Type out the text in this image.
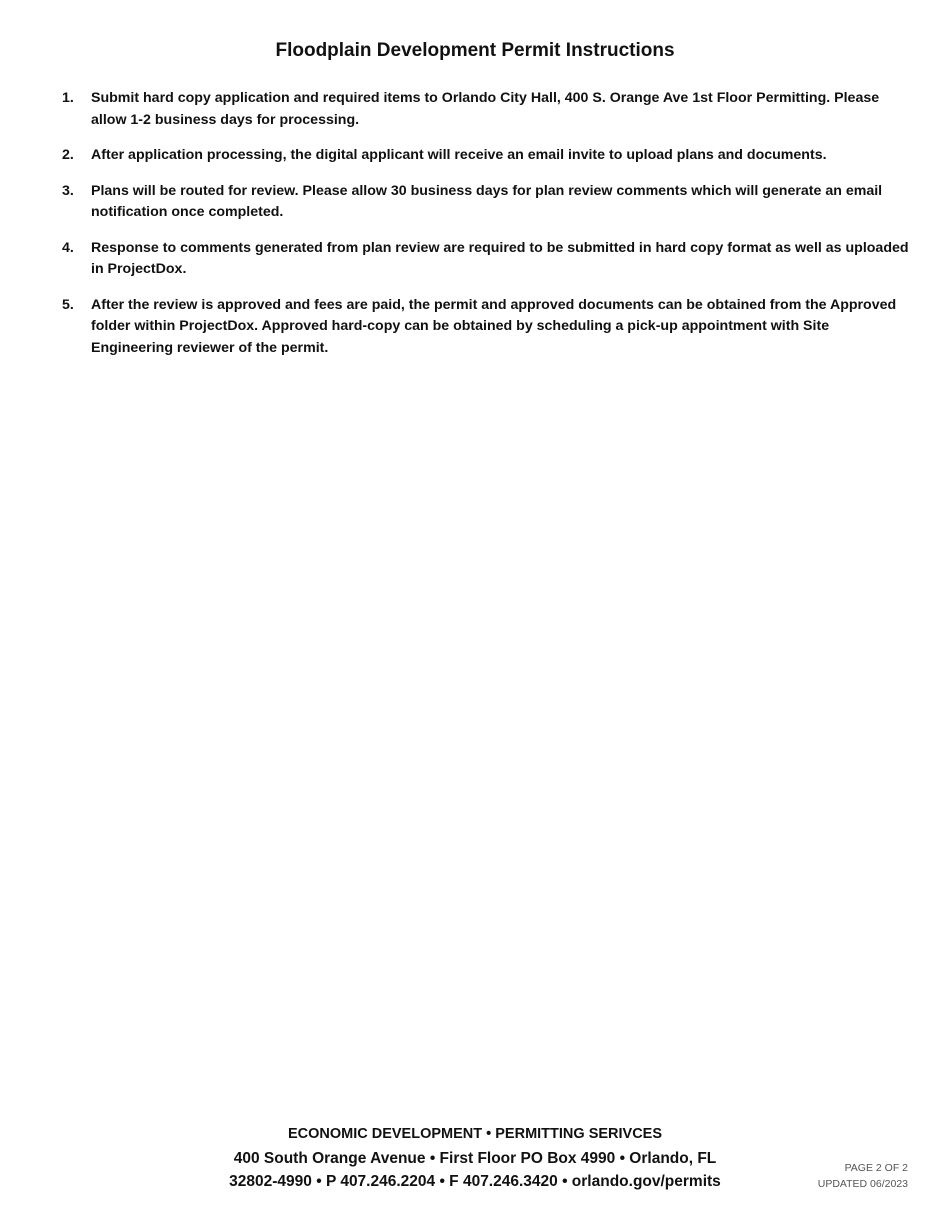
Floodplain Development Permit Instructions
1.	Submit hard copy application and required items to Orlando City Hall, 400 S. Orange Ave 1st Floor Permitting. Please allow 1-2 business days for processing.
2.	After application processing, the digital applicant will receive an email invite to upload plans and documents.
3.	Plans will be routed for review. Please allow 30 business days for plan review comments which will generate an email notification once completed.
4.	Response to comments generated from plan review are required to be submitted in hard copy format as well as uploaded in ProjectDox.
5.	After the review is approved and fees are paid, the permit and approved documents can be obtained from the Approved folder within ProjectDox. Approved hard-copy can be obtained by scheduling a pick-up appointment with Site Engineering reviewer of the permit.
ECONOMIC DEVELOPMENT • PERMITTING SERIVCES
400 South Orange Avenue • First Floor PO Box 4990 • Orlando, FL
32802-4990 • P 407.246.2204 • F 407.246.3420 • orlando.gov/permits
PAGE 2 OF 2
UPDATED 06/2023
